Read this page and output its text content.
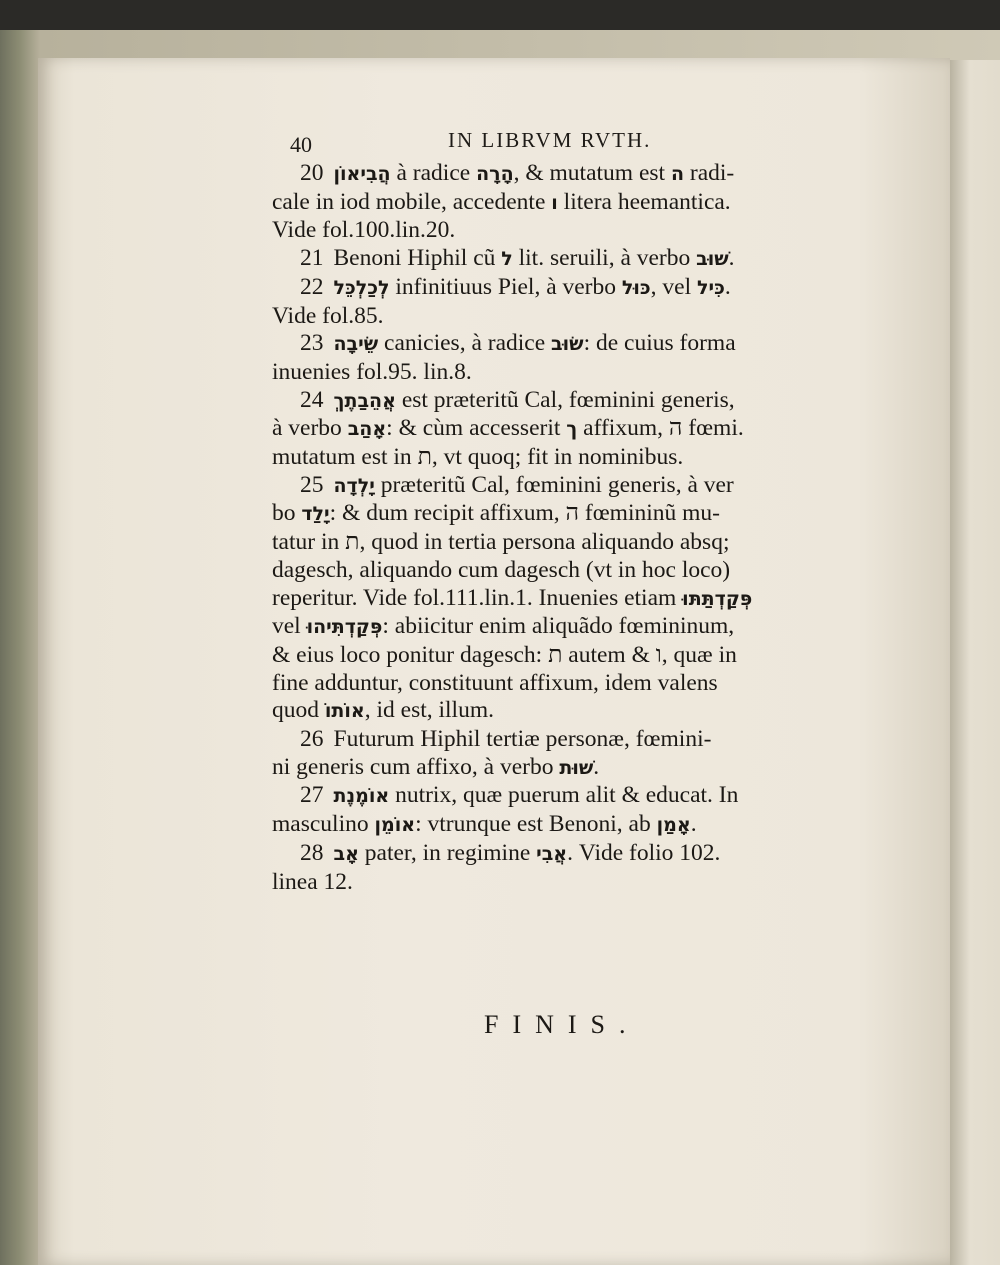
40	IN LIBRVM RVTH.
20 הֲבִיאוֹן à radice הָרָה, & mutatum est ה radi-
cale in iod mobile, accedente ו litera heemantica.
Vide fol.100.lin.20.
21 Benoni Hiphil cũ ל lit. seruili, à verbo שׁוּב.
22 לְכַלְכֵּל infinitiuus Piel, à verbo כּוּל, vel כִּיל.
Vide fol.85.
23 שֵׂיבָה canicies, à radice שׂוּב: de cuius forma
inuenies fol.95. lin.8.
24 אֲהֵבַתֶךְ est præteritũ Cal, fœminini generis,
à verbo אָהַב: & cùm accesserit ך affixum, ה fœmi.
mutatum est in ת, vt quoq; fit in nominibus.
25 יָלְדָה præteritũ Cal, fœminini generis, à ver
bo יָלַד: & dum recipit affixum, ה fœmininũ mu-
tatur in ת, quod in tertia persona aliquando absq;
dagesch, aliquando cum dagesch (vt in hoc loco)
reperitur. Vide fol.111.lin.1. Inuenies etiam פְּקַדְתַּתּוּ
vel פְּקַדְתִּיהוּ: abiicitur enim aliquãdo fœmininum,
& eius loco ponitur dagesch: ת autem & ו, quæ in
fine adduntur, constituunt affixum, idem valens
quod אוֹתוֹ, id est, illum.
26 Futurum Hiphil tertiæ personæ, fœmini-
ni generis cum affixo, à verbo שׁוּת.
27 אוֹמֶנֶת nutrix, quæ puerum alit & educat. In
masculino אוֹמֵן: vtrunque est Benoni, ab אָמַן.
28 אָב pater, in regimine אֲבִי. Vide folio 102.
linea 12.
FINIS.
